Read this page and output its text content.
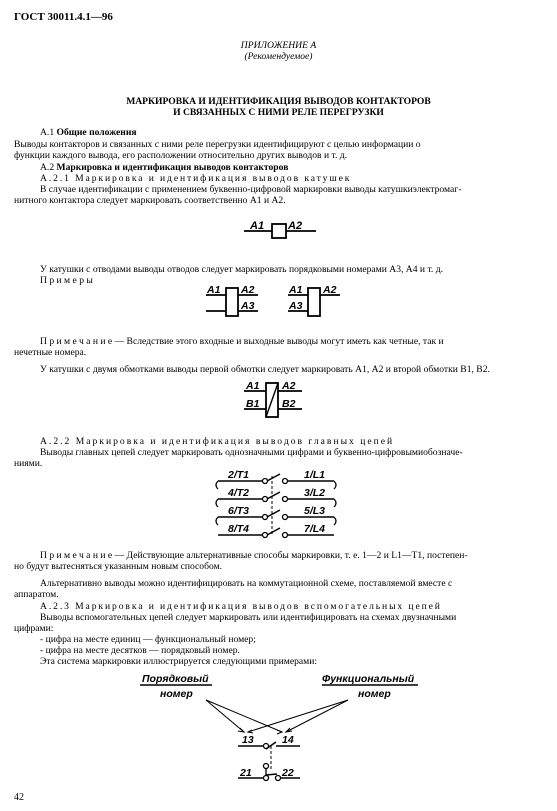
ГОСТ 30011.4.1—96
ПРИЛОЖЕНИЕ А
(Рекомендуемое)
МАРКИРОВКА И ИДЕНТИФИКАЦИЯ ВЫВОДОВ КОНТАКТОРОВ
И СВЯЗАННЫХ С НИМИ РЕЛЕ ПЕРЕГРУЗКИ
А.1 Общие положения
Выводы контакторов и связанных с ними реле перегрузки идентифицируют с целью информации о
функции каждого вывода, его расположении относительно других выводов и т. д.
А.2 Маркировка и идентификация выводов контакторов
А.2.1 Маркировка и идентификация выводов катушек
В случае идентификации с применением буквенно-цифровой маркировки выводы катушкиэлектромаг-
нитного контактора следует маркировать соответственно А1 и А2.
А1 А2
У катушки с отводами выводы отводов следует маркировать порядковыми номерами А3, А4 и т. д.
Примеры
А1 А2
А3
А1 А2
А3
Примечание— Вследствие этого входные и выходные выводы могут иметь как четные, так и
нечетные номера.
У катушки с двумя обмотками выводы первой обмотки следует маркировать А1, А2 и второй обмотки В1, В2.
А1 А2
В1 В2
А.2.2 Маркировка и идентификация выводов главных цепей
Выводы главных цепей следует маркировать однозначными цифрами и буквенно-цифровымиобозначе-
ниями.
2/T1
4/T2
6/T3
8/T4
1/L1
3/L2
5/L3
7/L4
Примечание— Действующие альтернативные способы маркировки, т. е. 1—2 и L1—T1, постепен-
но будут вытесняться указанным новым способом.
Альтернативно выводы можно идентифицировать на коммутационной схеме, поставляемой вместе с
аппаратом.
А.2.3 Маркировка и идентификация выводов вспомогательных цепей
Выводы вспомогательных цепей следует маркировать или идентифицировать на схемах двузначными
цифрами:
- цифра на месте единиц — функциональный номер;
- цифра на месте десятков — порядковый номер.
Эта система маркировки иллюстрируется следующими примерами:
Порядковый
номер
Функциональный
номер
13	14
21	22
42
